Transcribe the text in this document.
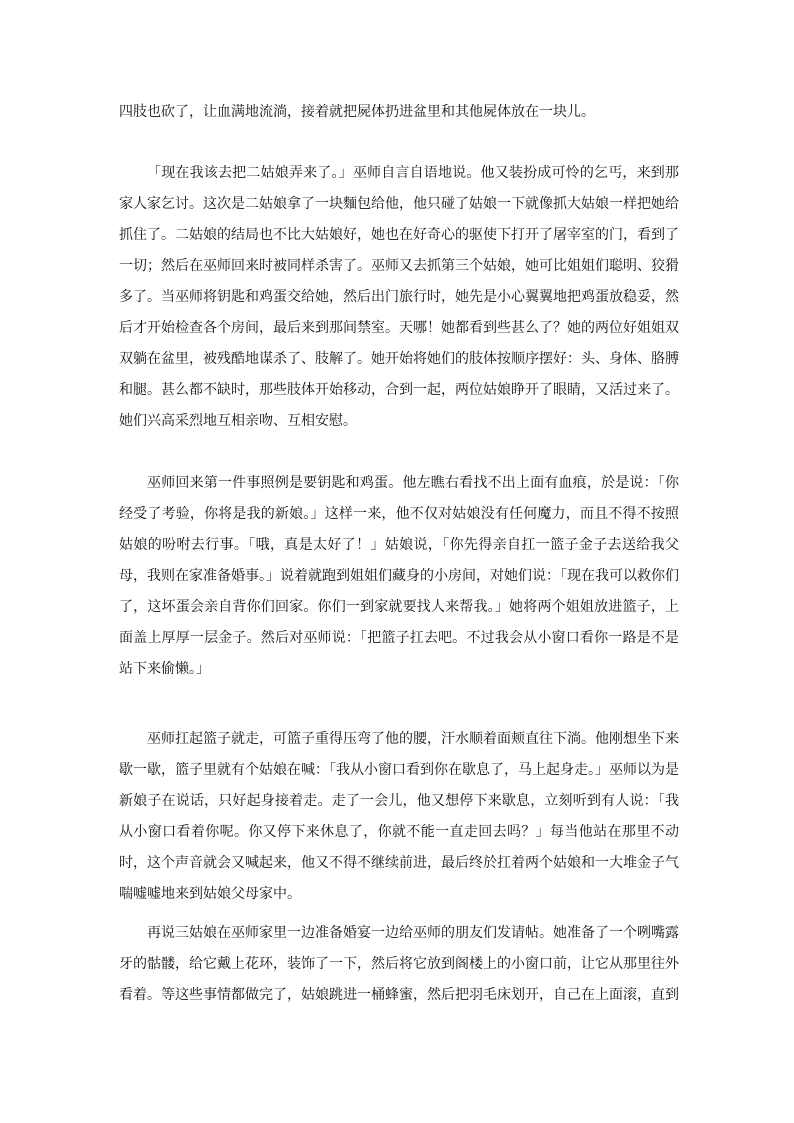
四肢也砍了，让血满地流淌，接着就把屍体扔进盆里和其他屍体放在一块儿。

「现在我该去把二姑娘弄来了。」巫师自言自语地说。他又装扮成可怜的乞丐，来到那家人家乞讨。这次是二姑娘拿了一块麵包给他，他只碰了姑娘一下就像抓大姑娘一样把她给抓住了。二姑娘的结局也不比大姑娘好，她也在好奇心的驱使下打开了屠宰室的门，看到了一切；然后在巫师回来时被同样杀害了。巫师又去抓第三个姑娘，她可比姐姐们聪明、狡猾多了。当巫师将钥匙和鸡蛋交给她，然后出门旅行时，她先是小心翼翼地把鸡蛋放稳妥，然后才开始检查各个房间，最后来到那间禁室。天哪！她都看到些甚么了？她的两位好姐姐双双躺在盆里，被残酷地谋杀了、肢解了。她开始将她们的肢体按顺序摆好：头、身体、胳膊和腿。甚么都不缺时，那些肢体开始移动，合到一起，两位姑娘睁开了眼睛，又活过来了。她们兴高采烈地互相亲吻、互相安慰。

巫师回来第一件事照例是要钥匙和鸡蛋。他左瞧右看找不出上面有血痕，於是说：「你经受了考验，你将是我的新娘。」这样一来，他不仅对姑娘没有任何魔力，而且不得不按照姑娘的吩咐去行事。「哦，真是太好了！」姑娘说，「你先得亲自扛一篮子金子去送给我父母，我则在家准备婚事。」说着就跑到姐姐们藏身的小房间，对她们说：「现在我可以救你们了，这坏蛋会亲自背你们回家。你们一到家就要找人来帮我。」她将两个姐姐放进篮子，上面盖上厚厚一层金子。然后对巫师说：「把篮子扛去吧。不过我会从小窗口看你一路是不是站下来偷懒。」

巫师扛起篮子就走，可篮子重得压弯了他的腰，汗水顺着面颊直往下淌。他刚想坐下来歇一歇，篮子里就有个姑娘在喊：「我从小窗口看到你在歇息了，马上起身走。」巫师以为是新娘子在说话，只好起身接着走。走了一会儿，他又想停下来歇息，立刻听到有人说：「我从小窗口看着你呢。你又停下来休息了，你就不能一直走回去吗？」每当他站在那里不动时，这个声音就会又喊起来，他又不得不继续前进，最后终於扛着两个姑娘和一大堆金子气喘嘘嘘地来到姑娘父母家中。

再说三姑娘在巫师家里一边准备婚宴一边给巫师的朋友们发请帖。她准备了一个咧嘴露牙的骷髅，给它戴上花环，装饰了一下，然后将它放到阁楼上的小窗口前，让它从那里往外看着。等这些事情都做完了，姑娘跳进一桶蜂蜜，然后把羽毛床划开，自己在上面滚，直到
